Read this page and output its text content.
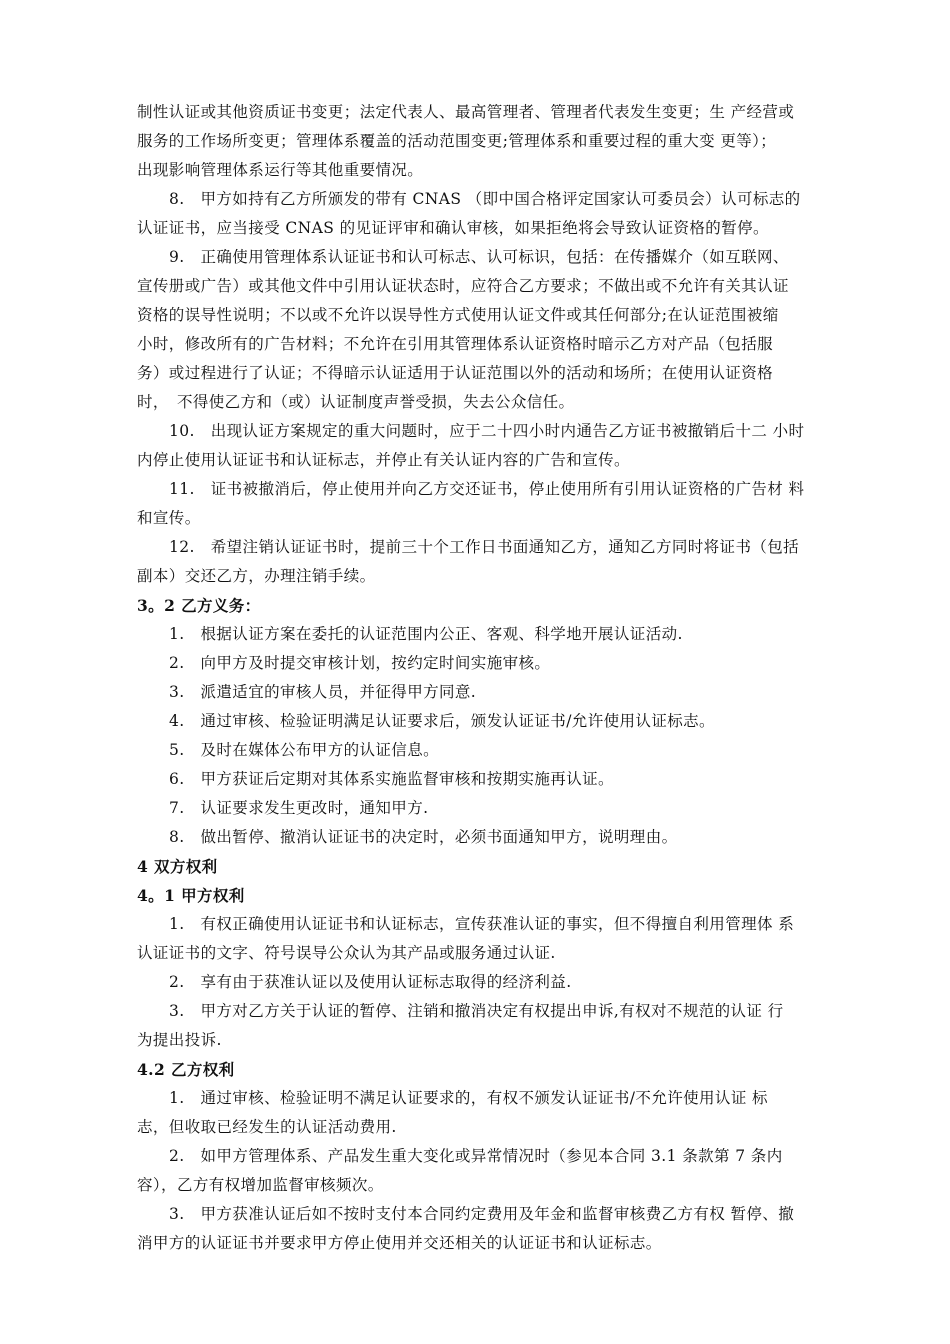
制性认证或其他资质证书变更；法定代表人、最高管理者、管理者代表发生变更；生 产经营或
服务的工作场所变更；管理体系覆盖的活动范围变更;管理体系和重要过程的重大变 更等）；
出现影响管理体系运行等其他重要情况。
8.　甲方如持有乙方所颁发的带有 CNAS （即中国合格评定国家认可委员会）认可标志的
认证证书，应当接受 CNAS 的见证评审和确认审核，如果拒绝将会导致认证资格的暂停。
9.　正确使用管理体系认证证书和认可标志、认可标识，包括：在传播媒介（如互联网、
宣传册或广告）或其他文件中引用认证状态时，应符合乙方要求；不做出或不允许有关其认证
资格的误导性说明；不以或不允许以误导性方式使用认证文件或其任何部分;在认证范围被缩
小时，修改所有的广告材料；不允许在引用其管理体系认证资格时暗示乙方对产品（包括服
务）或过程进行了认证；不得暗示认证适用于认证范围以外的活动和场所；在使用认证资格
时，　不得使乙方和（或）认证制度声誉受损，失去公众信任。
10.　出现认证方案规定的重大问题时，应于二十四小时内通告乙方证书被撤销后十二 小时
内停止使用认证证书和认证标志，并停止有关认证内容的广告和宣传。
11.　证书被撤消后，停止使用并向乙方交还证书，停止使用所有引用认证资格的广告材 料
和宣传。
12.　希望注销认证证书时，提前三十个工作日书面通知乙方，通知乙方同时将证书（包括
副本）交还乙方，办理注销手续。
3。2 乙方义务：
1.　根据认证方案在委托的认证范围内公正、客观、科学地开展认证活动.
2.　向甲方及时提交审核计划，按约定时间实施审核。
3.　派遣适宜的审核人员，并征得甲方同意.
4.　通过审核、检验证明满足认证要求后，颁发认证证书/允许使用认证标志。
5.　及时在媒体公布甲方的认证信息。
6.　甲方获证后定期对其体系实施监督审核和按期实施再认证。
7.　认证要求发生更改时，通知甲方.
8.　做出暂停、撤消认证证书的决定时，必须书面通知甲方，说明理由。
4 双方权利
4。1 甲方权利
1.　有权正确使用认证证书和认证标志，宣传获准认证的事实，但不得擅自利用管理体 系
认证证书的文字、符号误导公众认为其产品或服务通过认证.
2.　享有由于获准认证以及使用认证标志取得的经济利益.
3.　甲方对乙方关于认证的暂停、注销和撤消决定有权提出申诉,有权对不规范的认证 行
为提出投诉.
4.2 乙方权利
1.　通过审核、检验证明不满足认证要求的，有权不颁发认证证书/不允许使用认证 标
志，但收取已经发生的认证活动费用.
2.　如甲方管理体系、产品发生重大变化或异常情况时（参见本合同 3.1 条款第 7 条内
容），乙方有权增加监督审核频次。
3.　甲方获准认证后如不按时支付本合同约定费用及年金和监督审核费乙方有权 暂停、撤
消甲方的认证证书并要求甲方停止使用并交还相关的认证证书和认证标志。
